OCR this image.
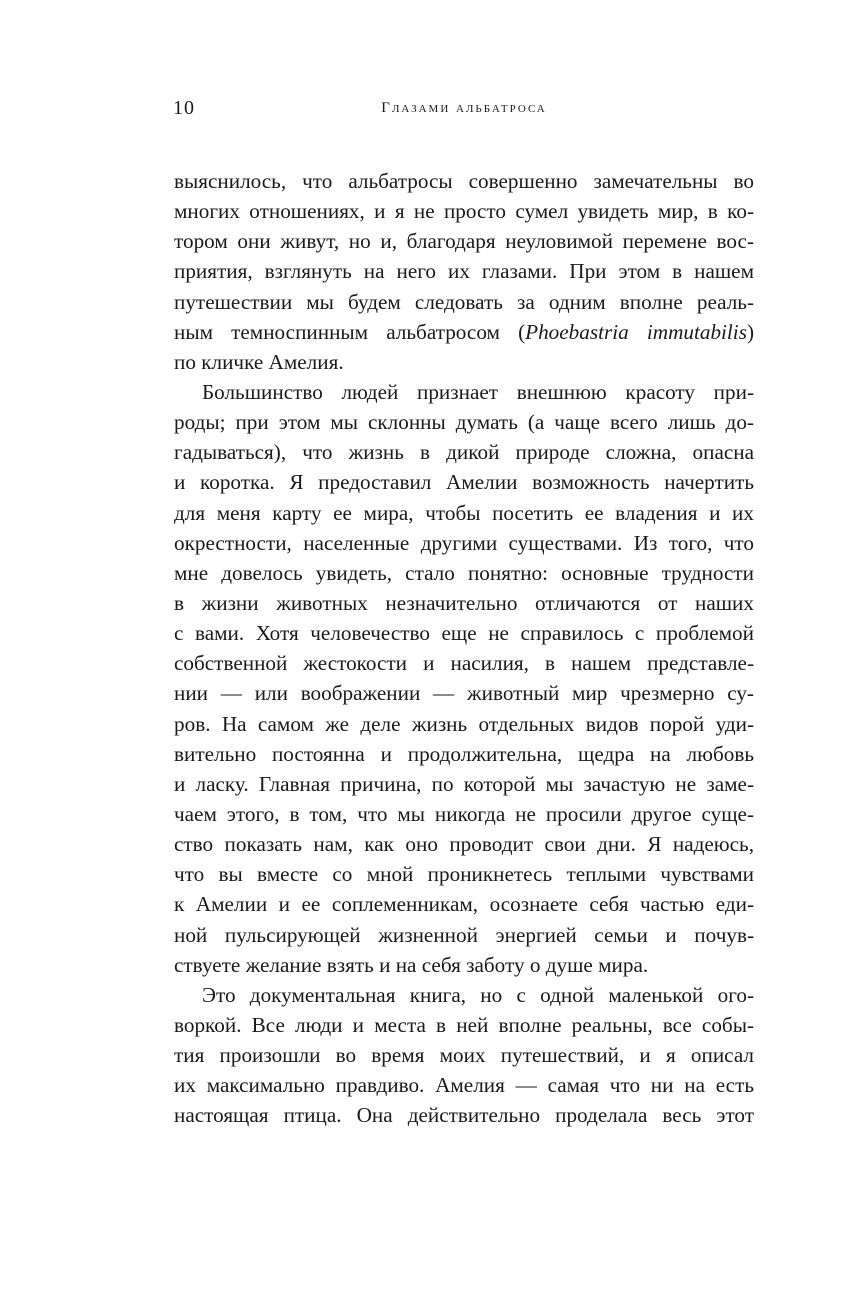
10	Глазами альбатроса
выяснилось, что альбатросы совершенно замечательны во
многих отношениях, и я не просто сумел увидеть мир, в ко-
тором они живут, но и, благодаря неуловимой перемене вос-
приятия, взглянуть на него их глазами. При этом в нашем
путешествии мы будем следовать за одним вполне реаль-
ным темноспинным альбатросом (Phoebastria immutabilis)
по кличке Амелия.
Большинство людей признает внешнюю красоту при-
роды; при этом мы склонны думать (а чаще всего лишь до-
гадываться), что жизнь в дикой природе сложна, опасна
и коротка. Я предоставил Амелии возможность начертить
для меня карту ее мира, чтобы посетить ее владения и их
окрестности, населенные другими существами. Из того, что
мне довелось увидеть, стало понятно: основные трудности
в жизни животных незначительно отличаются от наших
с вами. Хотя человечество еще не справилось с проблемой
собственной жестокости и насилия, в нашем представле-
нии — или воображении — животный мир чрезмерно су-
ров. На самом же деле жизнь отдельных видов порой уди-
вительно постоянна и продолжительна, щедра на любовь
и ласку. Главная причина, по которой мы зачастую не заме-
чаем этого, в том, что мы никогда не просили другое суще-
ство показать нам, как оно проводит свои дни. Я надеюсь,
что вы вместе со мной проникнетесь теплыми чувствами
к Амелии и ее соплеменникам, осознаете себя частью еди-
ной пульсирующей жизненной энергией семьи и почув-
ствуете желание взять и на себя заботу о душе мира.
Это документальная книга, но с одной маленькой ого-
воркой. Все люди и места в ней вполне реальны, все собы-
тия произошли во время моих путешествий, и я описал
их максимально правдиво. Амелия — самая что ни на есть
настоящая птица. Она действительно проделала весь этот
